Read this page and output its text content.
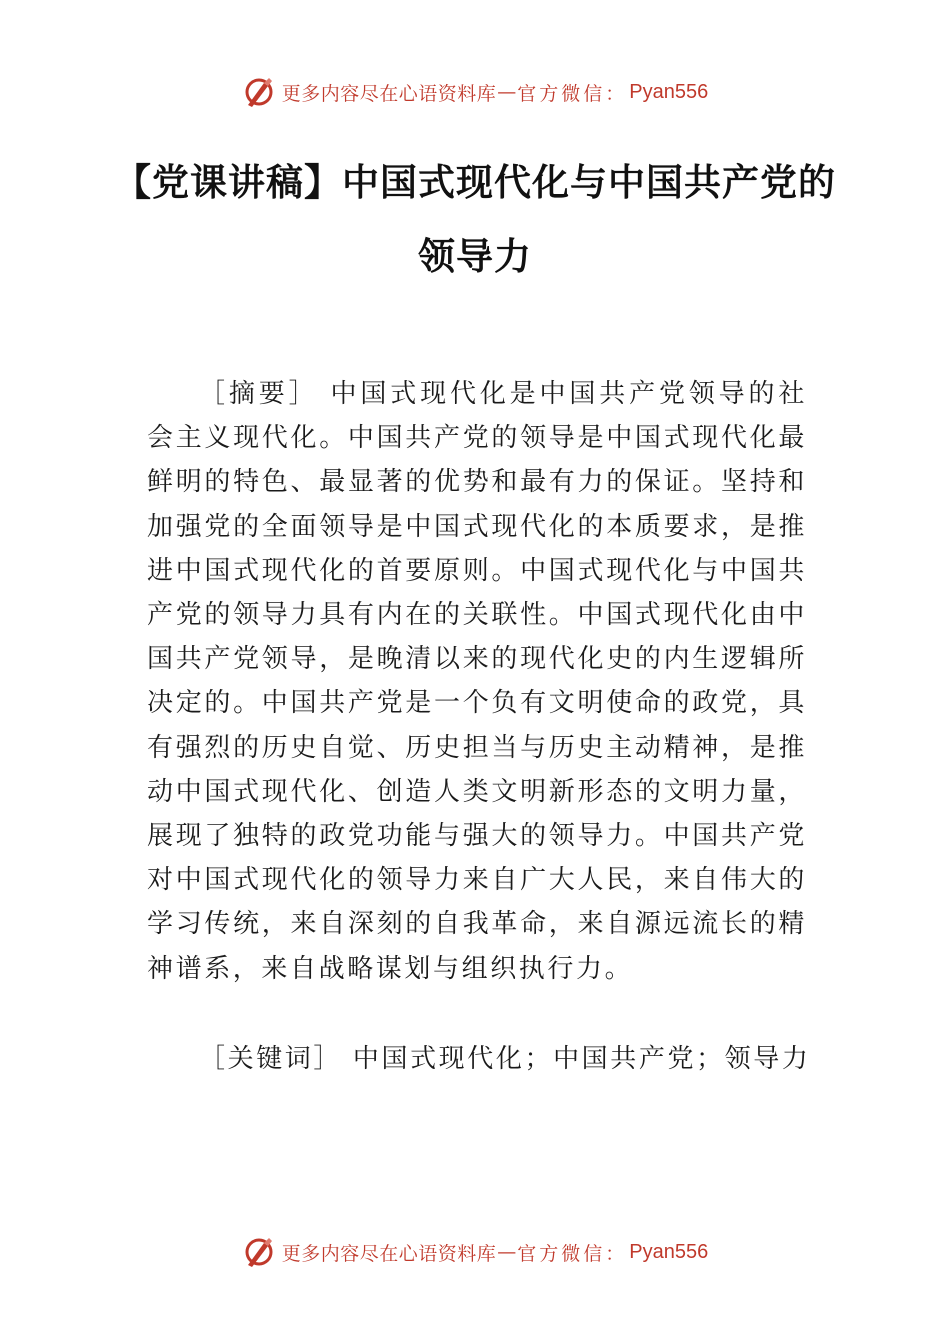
更多内容尽在心语资料库 — 官方微信： Pyan556
【党课讲稿】中国式现代化与中国共产党的
领导力

［摘要］ 中国式现代化是中国共产党领导的社会主义现代化。中国共产党的领导是中国式现代化最鲜明的特色、最显著的优势和最有力的保证。坚持和加强党的全面领导是中国式现代化的本质要求，是推进中国式现代化的首要原则。中国式现代化与中国共产党的领导力具有内在的关联性。中国式现代化由中国共产党领导，是晚清以来的现代化史的内生逻辑所决定的。中国共产党是一个负有文明使命的政党，具有强烈的历史自觉、历史担当与历史主动精神，是推动中国式现代化、创造人类文明新形态的文明力量，展现了独特的政党功能与强大的领导力。中国共产党对中国式现代化的领导力来自广大人民，来自伟大的学习传统，来自深刻的自我革命，来自源远流长的精神谱系，来自战略谋划与组织执行力。

［关键词］ 中国式现代化；中国共产党；领导力

更多内容尽在心语资料库 — 官方微信： Pyan556
